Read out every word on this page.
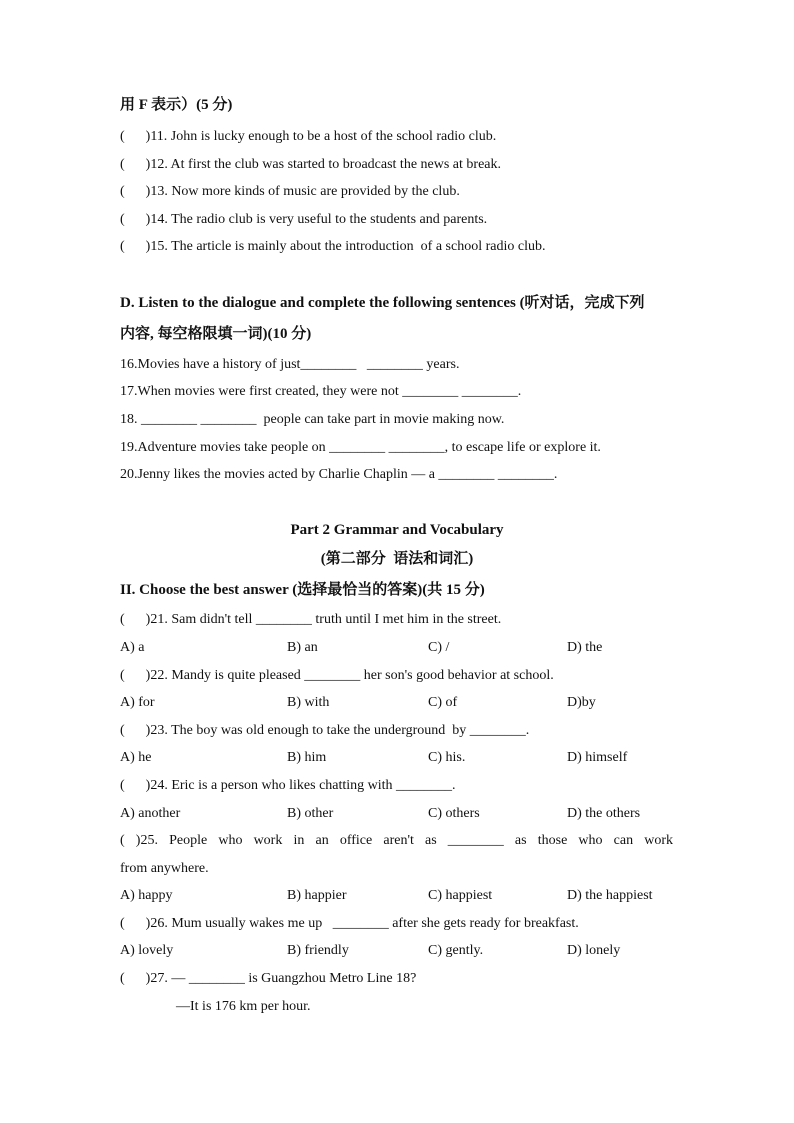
用 F 表示）(5 分)
(      )11. John is lucky enough to be a host of the school radio club.
(      )12. At first the club was started to broadcast the news at break.
(      )13. Now more kinds of music are provided by the club.
(      )14. The radio club is very useful to the students and parents.
(      )15. The article is mainly about the introduction  of a school radio club.
D. Listen to the dialogue and complete the following sentences (听对话，完成下列
内容, 每空格限填一词)(10 分)
16.Movies have a history of just________   ________ years.
17.When movies were first created, they were not ________ ________.
18. ________ ________  people can take part in movie making now.
19.Adventure movies take people on ________ ________, to escape life or explore it.
20.Jenny likes the movies acted by Charlie Chaplin — a ________ ________.
Part 2 Grammar and Vocabulary
(第二部分  语法和词汇)
II. Choose the best answer (选择最恰当的答案)(共 15 分)
(      )21. Sam didn't tell ________ truth until I met him in the street.
A) a	B) an	C) /	D) the
(      )22. Mandy is quite pleased ________ her son's good behavior at school.
A) for	B) with	C) of	D)by
(      )23. The boy was old enough to take the underground  by ________.
A) he	B) him	C) his.	D) himself
(      )24. Eric is a person who likes chatting with ________.
A) another	B) other	C) others	D) the others
( )25. People who work in an office aren't as ________ as those who can work
from anywhere.
A) happy	B) happier	C) happiest	D) the happiest
(      )26. Mum usually wakes me up   ________ after she gets ready for breakfast.
A) lovely	B) friendly	C) gently.	D) lonely
(      )27. — ________ is Guangzhou Metro Line 18?
—It is 176 km per hour.
